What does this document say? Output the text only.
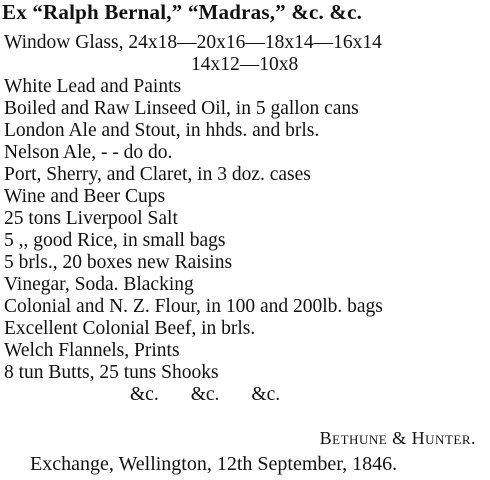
Ex “Ralph Bernal,” “Madras,” &c. &c.
Window Glass, 24x18—20x16—18x14—16x14
14x12—10x8
White Lead and Paints
Boiled and Raw Linseed Oil, in 5 gallon cans
London Ale and Stout, in hhds. and brls.
Nelson Ale, - - do do.
Port, Sherry, and Claret, in 3 doz. cases
Wine and Beer Cups
25 tons Liverpool Salt
5 ,, good Rice, in small bags
5 brls., 20 boxes new Raisins
Vinegar, Soda. Blacking
Colonial and N. Z. Flour, in 100 and 200lb. bags
Excellent Colonial Beef, in brls.
Welch Flannels, Prints
8 tun Butts, 25 tuns Shooks
&c. &c. &c.
Bethune & Hunter.
Exchange, Wellington, 12th September, 1846.
